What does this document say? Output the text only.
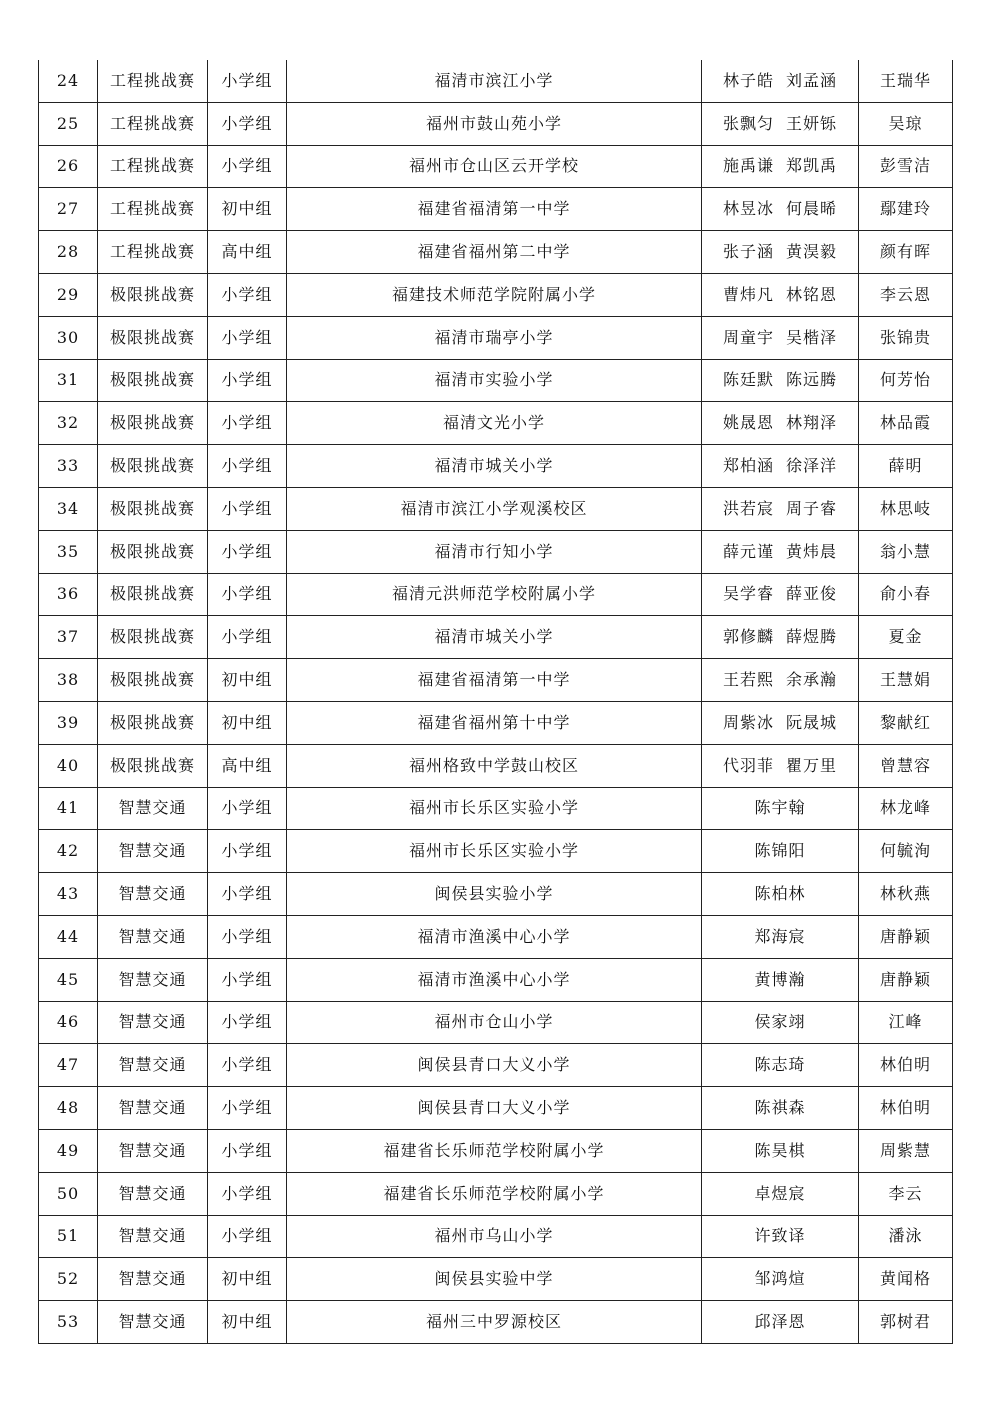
24	工程挑战赛	小学组	福清市滨江小学	林子皓 刘孟涵	王瑞华
25	工程挑战赛	小学组	福州市鼓山苑小学	张飘匀 王妍铄	吴琼
26	工程挑战赛	小学组	福州市仓山区云开学校	施禹谦 郑凯禹	彭雪洁
27	工程挑战赛	初中组	福建省福清第一中学	林昱冰 何晨晞	鄢建玲
28	工程挑战赛	高中组	福建省福州第二中学	张子涵 黄淏毅	颜有晖
29	极限挑战赛	小学组	福建技术师范学院附属小学	曹炜凡 林铭恩	李云恩
30	极限挑战赛	小学组	福清市瑞亭小学	周童宇 吴楷泽	张锦贵
31	极限挑战赛	小学组	福清市实验小学	陈廷默 陈远腾	何芳怡
32	极限挑战赛	小学组	福清文光小学	姚晟恩 林翔泽	林品霞
33	极限挑战赛	小学组	福清市城关小学	郑柏涵 徐泽洋	薛明
34	极限挑战赛	小学组	福清市滨江小学观溪校区	洪若宸 周子睿	林思岐
35	极限挑战赛	小学组	福清市行知小学	薛元谨 黄炜晨	翁小慧
36	极限挑战赛	小学组	福清元洪师范学校附属小学	吴学睿 薛亚俊	俞小春
37	极限挑战赛	小学组	福清市城关小学	郭修麟 薛煜腾	夏金
38	极限挑战赛	初中组	福建省福清第一中学	王若熙 余承瀚	王慧娟
39	极限挑战赛	初中组	福建省福州第十中学	周紫冰 阮晟城	黎献红
40	极限挑战赛	高中组	福州格致中学鼓山校区	代羽菲 瞿万里	曾慧容
41	智慧交通	小学组	福州市长乐区实验小学	陈宇翰	林龙峰
42	智慧交通	小学组	福州市长乐区实验小学	陈锦阳	何毓洵
43	智慧交通	小学组	闽侯县实验小学	陈柏林	林秋燕
44	智慧交通	小学组	福清市渔溪中心小学	郑海宸	唐静颖
45	智慧交通	小学组	福清市渔溪中心小学	黄博瀚	唐静颖
46	智慧交通	小学组	福州市仓山小学	侯家翊	江峰
47	智慧交通	小学组	闽侯县青口大义小学	陈志琦	林伯明
48	智慧交通	小学组	闽侯县青口大义小学	陈祺森	林伯明
49	智慧交通	小学组	福建省长乐师范学校附属小学	陈昊棋	周紫慧
50	智慧交通	小学组	福建省长乐师范学校附属小学	卓煜宸	李云
51	智慧交通	小学组	福州市乌山小学	许致译	潘泳
52	智慧交通	初中组	闽侯县实验中学	邹鸿煊	黄闻格
53	智慧交通	初中组	福州三中罗源校区	邱泽恩	郭树君
